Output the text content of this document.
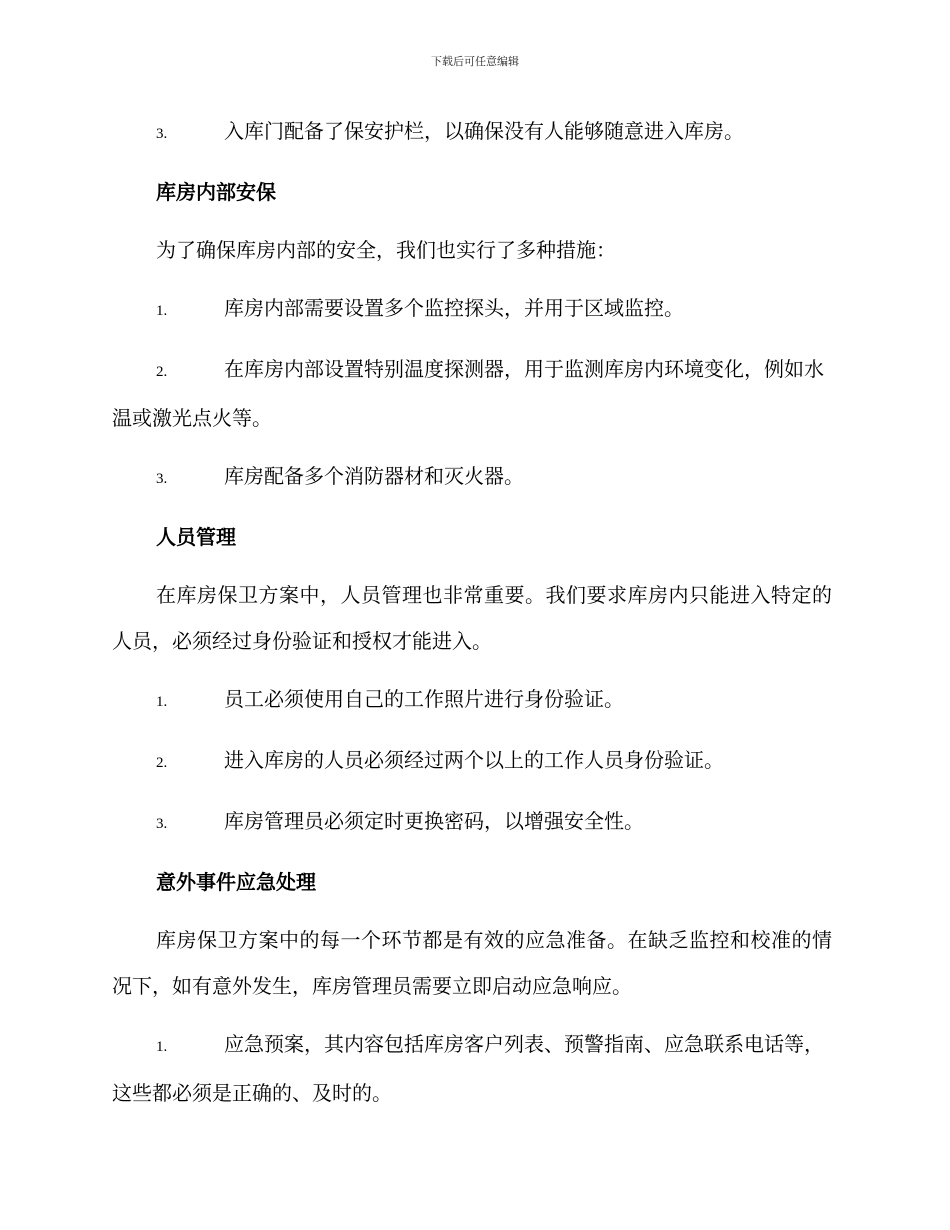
下载后可任意编辑

3.	入库门配备了保安护栏，以确保没有人能够随意进入库房。

库房内部安保

为了确保库房内部的安全，我们也实行了多种措施：

1.	库房内部需要设置多个监控探头，并用于区域监控。

2.	在库房内部设置特别温度探测器，用于监测库房内环境变化，例如水温或激光点火等。

3.	库房配备多个消防器材和灭火器。

人员管理

在库房保卫方案中，人员管理也非常重要。我们要求库房内只能进入特定的人员，必须经过身份验证和授权才能进入。

1.	员工必须使用自己的工作照片进行身份验证。

2.	进入库房的人员必须经过两个以上的工作人员身份验证。

3.	库房管理员必须定时更换密码，以增强安全性。

意外事件应急处理

库房保卫方案中的每一个环节都是有效的应急准备。在缺乏监控和校准的情况下，如有意外发生，库房管理员需要立即启动应急响应。

1.	应急预案，其内容包括库房客户列表、预警指南、应急联系电话等，这些都必须是正确的、及时的。
